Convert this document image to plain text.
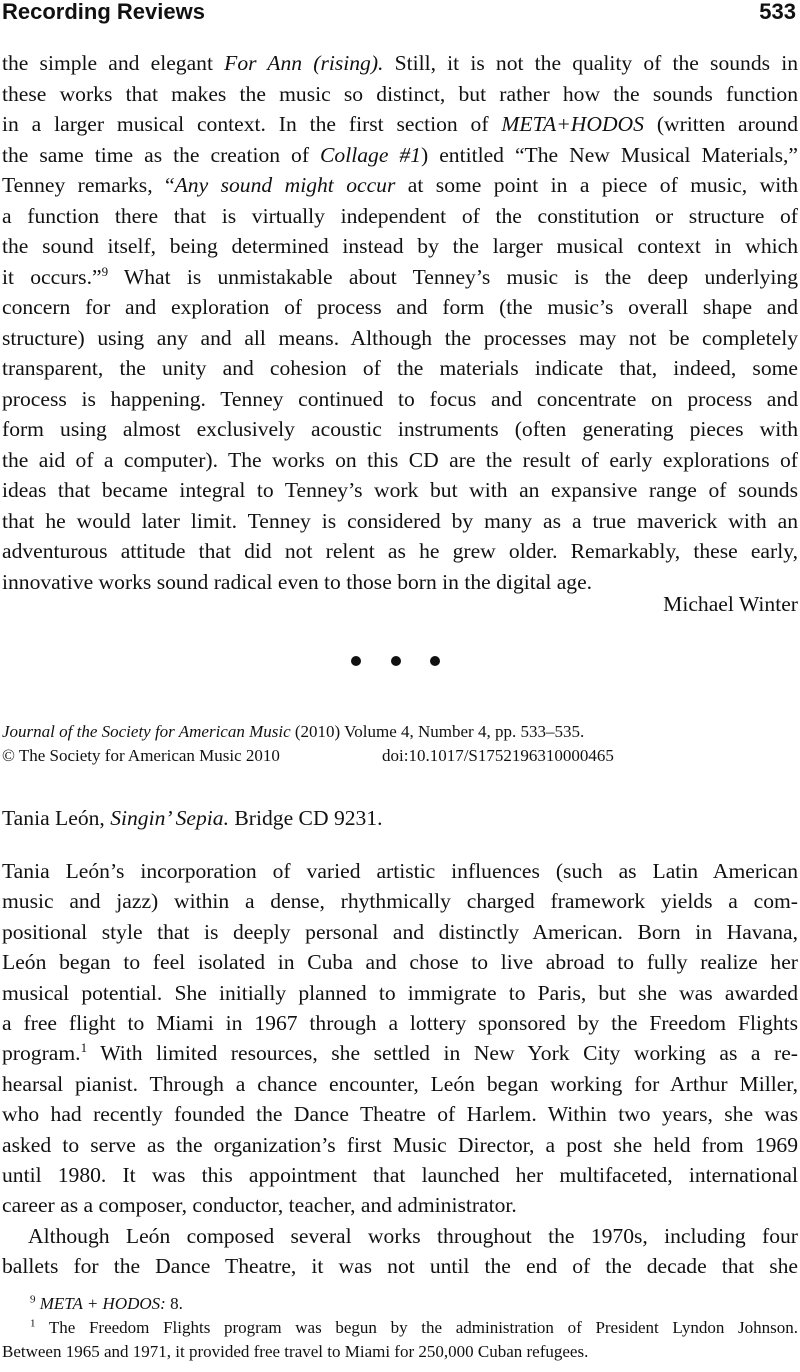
Recording Reviews	533
the simple and elegant For Ann (rising). Still, it is not the quality of the sounds in
these works that makes the music so distinct, but rather how the sounds function
in a larger musical context. In the first section of META+HODOS (written around
the same time as the creation of Collage #1) entitled “The New Musical Materials,”
Tenney remarks, “Any sound might occur at some point in a piece of music, with
a function there that is virtually independent of the constitution or structure of
the sound itself, being determined instead by the larger musical context in which
it occurs.”$^9$ What is unmistakable about Tenney’s music is the deep underlying
concern for and exploration of process and form (the music’s overall shape and
structure) using any and all means. Although the processes may not be completely
transparent, the unity and cohesion of the materials indicate that, indeed, some
process is happening. Tenney continued to focus and concentrate on process and
form using almost exclusively acoustic instruments (often generating pieces with
the aid of a computer). The works on this CD are the result of early explorations of
ideas that became integral to Tenney’s work but with an expansive range of sounds
that he would later limit. Tenney is considered by many as a true maverick with an
adventurous attitude that did not relent as he grew older. Remarkably, these early,
innovative works sound radical even to those born in the digital age.
Michael Winter
Journal of the Society for American Music (2010) Volume 4, Number 4, pp. 533–535.
© The Society for American Music 2010	doi:10.1017/S1752196310000465
Tania León, Singin’ Sepia. Bridge CD 9231.
Tania León’s incorporation of varied artistic influences (such as Latin American
music and jazz) within a dense, rhythmically charged framework yields a com-
positional style that is deeply personal and distinctly American. Born in Havana,
León began to feel isolated in Cuba and chose to live abroad to fully realize her
musical potential. She initially planned to immigrate to Paris, but she was awarded
a free flight to Miami in 1967 through a lottery sponsored by the Freedom Flights
program.$^1$ With limited resources, she settled in New York City working as a re-
hearsal pianist. Through a chance encounter, León began working for Arthur Miller,
who had recently founded the Dance Theatre of Harlem. Within two years, she was
asked to serve as the organization’s first Music Director, a post she held from 1969
until 1980. It was this appointment that launched her multifaceted, international
career as a composer, conductor, teacher, and administrator.
Although León composed several works throughout the 1970s, including four
ballets for the Dance Theatre, it was not until the end of the decade that she
$^9$ META + HODOS: 8.
$^1$ The Freedom Flights program was begun by the administration of President Lyndon Johnson.
Between 1965 and 1971, it provided free travel to Miami for 250,000 Cuban refugees.
